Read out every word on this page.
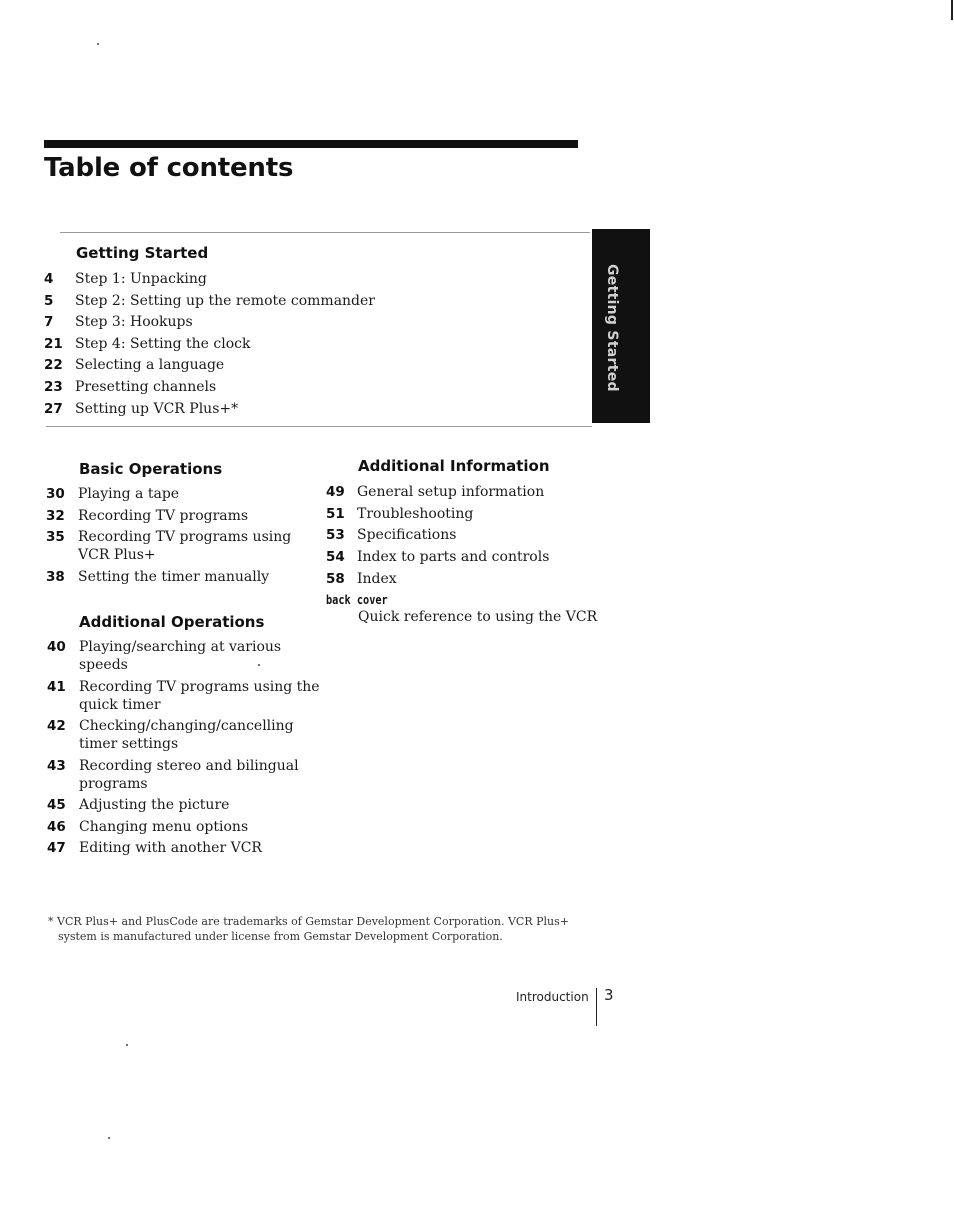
Table of contents
Getting Started
Getting Started
4 Step 1: Unpacking
5 Step 2: Setting up the remote commander
7 Step 3: Hookups
21 Step 4: Setting the clock
22 Selecting a language
23 Presetting channels
27 Setting up VCR Plus+*
Basic Operations
30 Playing a tape
32 Recording TV programs
35 Recording TV programs using
VCR Plus+
38 Setting the timer manually
Additional Operations
40 Playing/searching at various
speeds
41 Recording TV programs using the
quick timer
42 Checking/changing/cancelling
timer settings
43 Recording stereo and bilingual
programs
45 Adjusting the picture
46 Changing menu options
47 Editing with another VCR
Additional Information
49 General setup information
51 Troubleshooting
53 Specifications
54 Index to parts and controls
58 Index
back cover
Quick reference to using the VCR

* VCR Plus+ and PlusCode are trademarks of Gemstar Development Corporation. VCR Plus+
system is manufactured under license from Gemstar Development Corporation.

Introduction 3
